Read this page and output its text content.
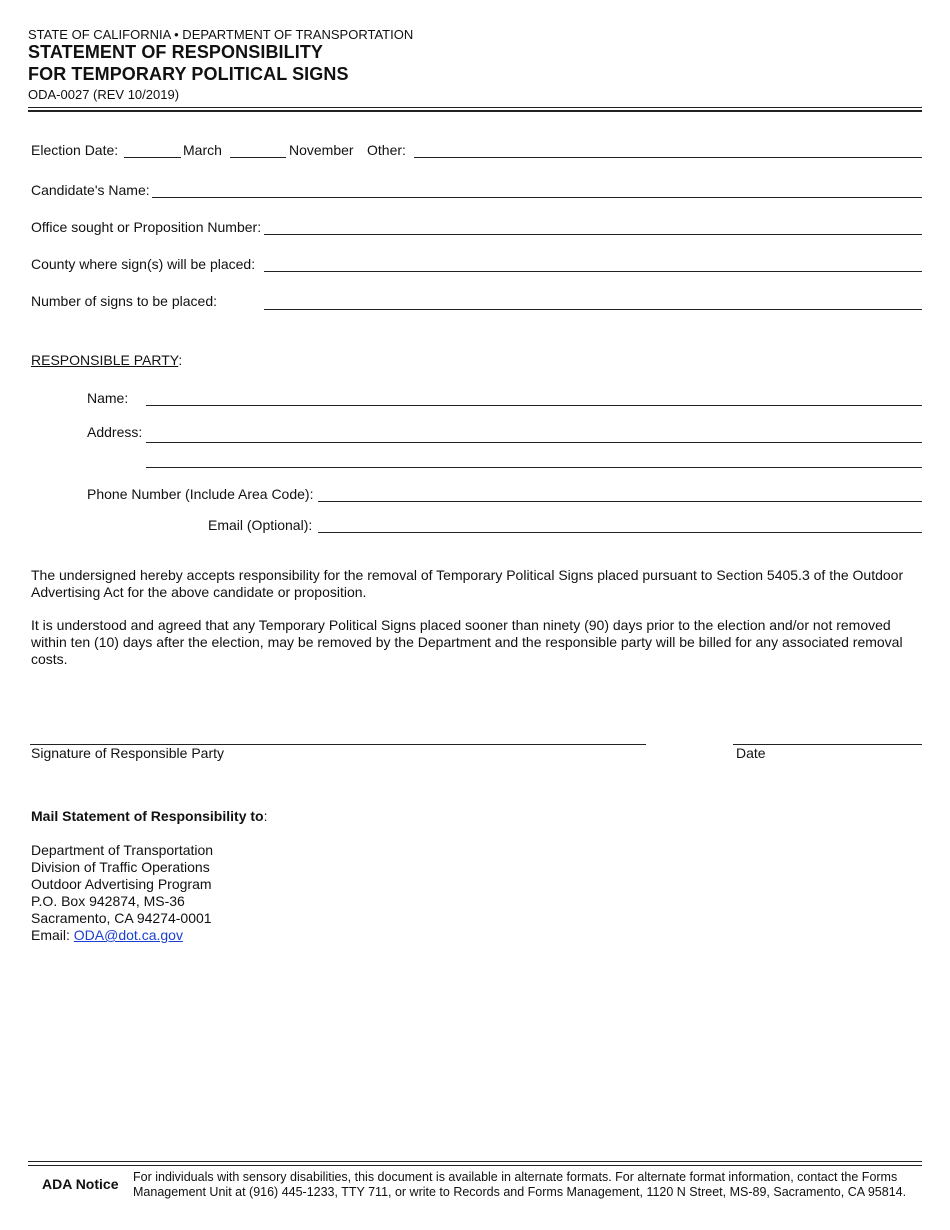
STATE OF CALIFORNIA • DEPARTMENT OF TRANSPORTATION
STATEMENT OF RESPONSIBILITY
FOR TEMPORARY POLITICAL SIGNS
ODA-0027 (REV 10/2019)
Election Date:	March	November Other:
Candidate's Name:
Office sought or Proposition Number:
County where sign(s) will be placed:
Number of signs to be placed:
RESPONSIBLE PARTY:
Name:
Address:
Phone Number (Include Area Code):
Email (Optional):
The undersigned hereby accepts responsibility for the removal of Temporary Political Signs placed pursuant to Section 5405.3 of the Outdoor Advertising Act for the above candidate or proposition.
It is understood and agreed that any Temporary Political Signs placed sooner than ninety (90) days prior to the election and/or not removed within ten (10) days after the election, may be removed by the Department and the responsible party will be billed for any associated removal costs.
Signature of Responsible Party	Date
Mail Statement of Responsibility to:
Department of Transportation
Division of Traffic Operations
Outdoor Advertising Program
P.O. Box 942874, MS-36
Sacramento, CA 94274-0001
Email: ODA@dot.ca.gov
ADA Notice For individuals with sensory disabilities, this document is available in alternate formats. For alternate format information, contact the Forms Management Unit at (916) 445-1233, TTY 711, or write to Records and Forms Management, 1120 N Street, MS-89, Sacramento, CA 95814.
